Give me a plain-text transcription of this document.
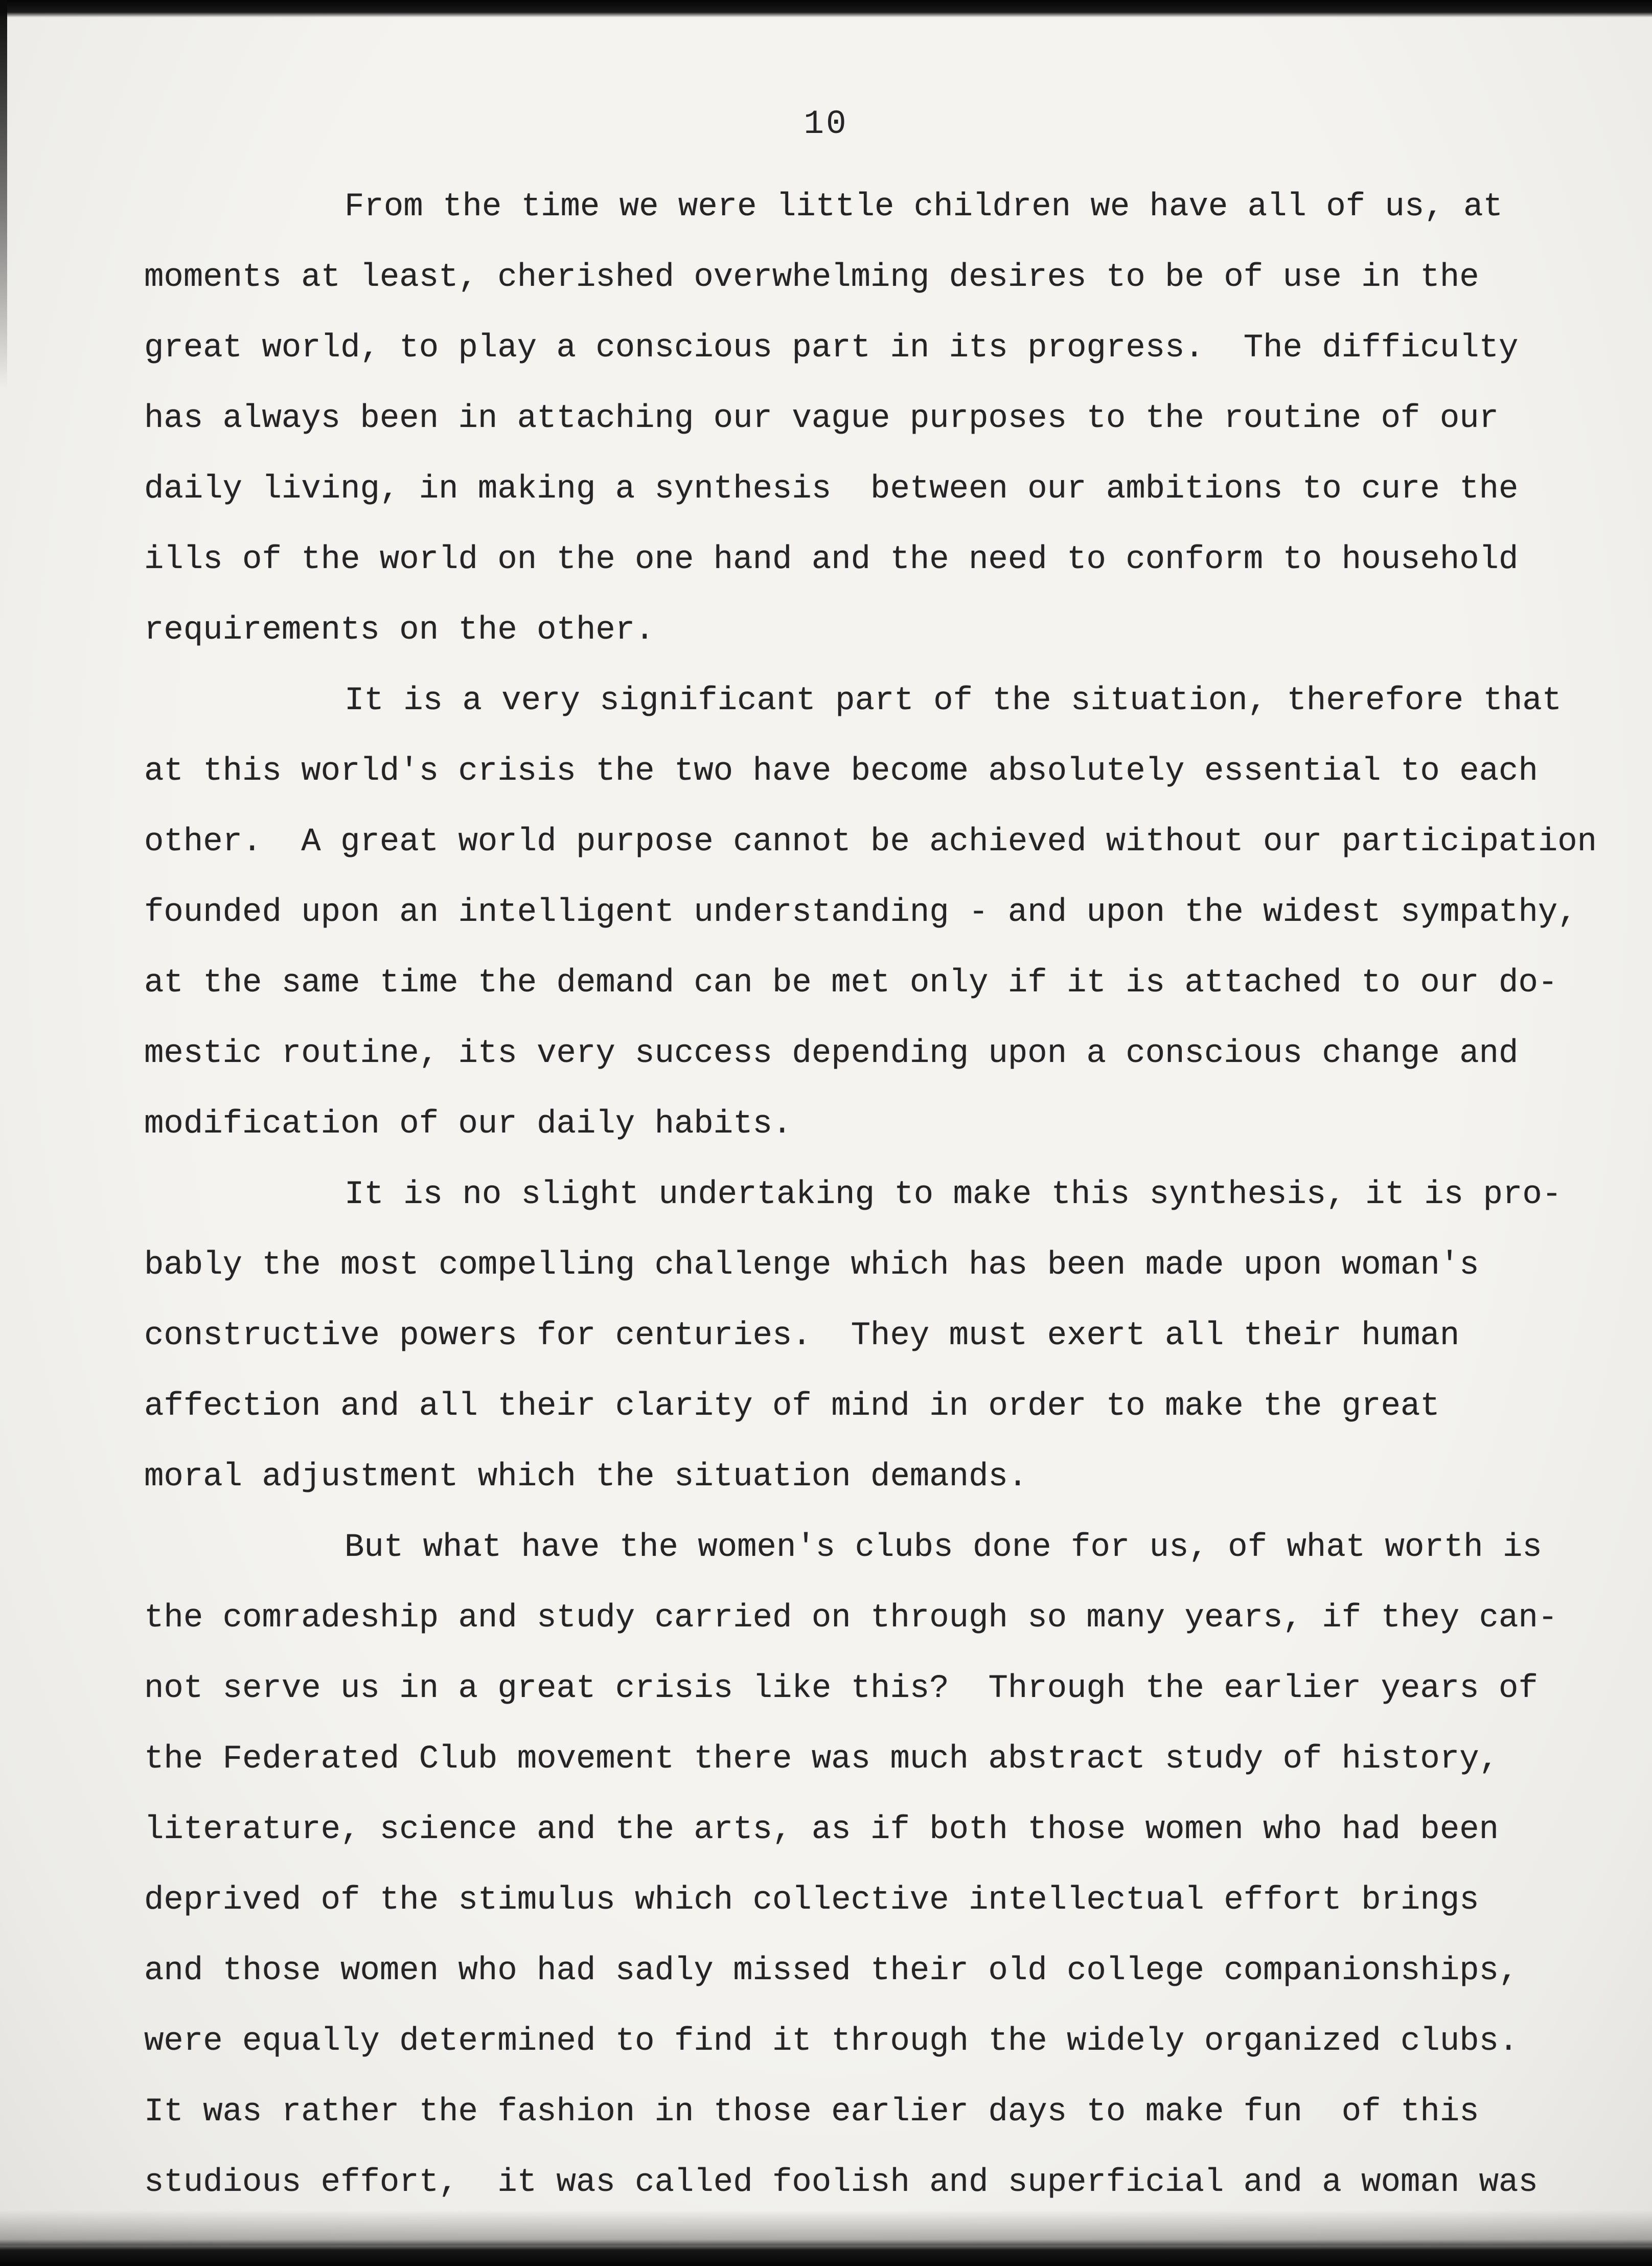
10
From the time we were little children we have all of us, at
moments at least, cherished overwhelming desires to be of use in the
great world, to play a conscious part in its progress.  The difficulty
has always been in attaching our vague purposes to the routine of our
daily living, in making a synthesis  between our ambitions to cure the
ills of the world on the one hand and the need to conform to household
requirements on the other.
It is a very significant part of the situation, therefore that
at this world's crisis the two have become absolutely essential to each
other.  A great world purpose cannot be achieved without our participation
founded upon an intelligent understanding - and upon the widest sympathy,
at the same time the demand can be met only if it is attached to our do-
mestic routine, its very success depending upon a conscious change and
modification of our daily habits.
It is no slight undertaking to make this synthesis, it is pro-
bably the most compelling challenge which has been made upon woman's
constructive powers for centuries.  They must exert all their human
affection and all their clarity of mind in order to make the great
moral adjustment which the situation demands.
But what have the women's clubs done for us, of what worth is
the comradeship and study carried on through so many years, if they can-
not serve us in a great crisis like this?  Through the earlier years of
the Federated Club movement there was much abstract study of history,
literature, science and the arts, as if both those women who had been
deprived of the stimulus which collective intellectual effort brings
and those women who had sadly missed their old college companionships,
were equally determined to find it through the widely organized clubs.
It was rather the fashion in those earlier days to make fun  of this
studious effort,  it was called foolish and superficial and a woman was
